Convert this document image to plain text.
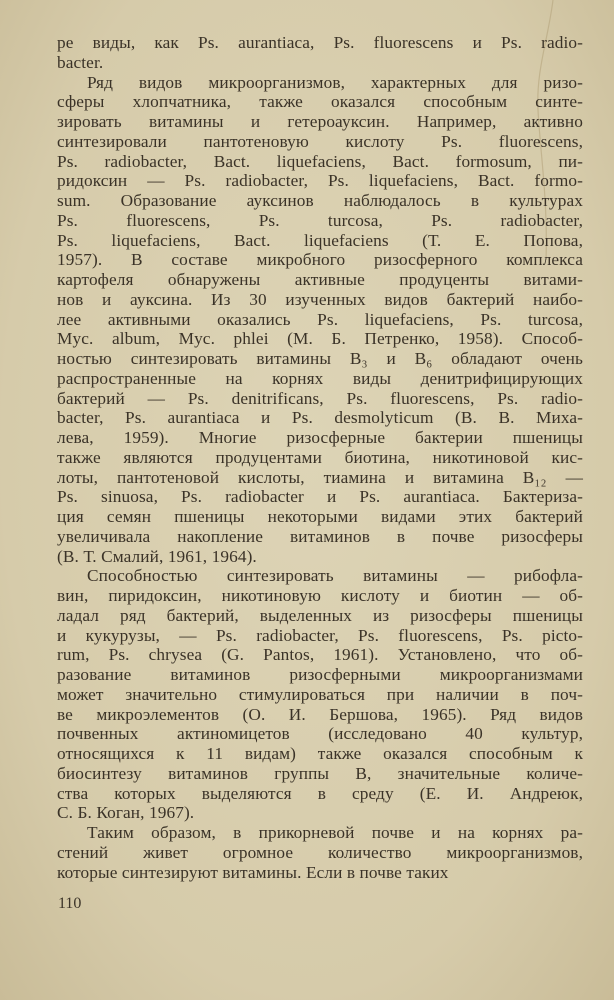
ре виды, как Ps. aurantiaca, Ps. fluorescens и Ps. radio-
bacter.
Ряд видов микроорганизмов, характерных для ризо-
сферы хлопчатника, также оказался способным синте-
зировать витамины и гетероауксин. Например, активно
синтезировали пантотеновую кислоту Ps. fluorescens,
Ps. radiobacter, Bact. liquefaciens, Bact. formosum, пи-
ридоксин — Ps. radiobacter, Ps. liquefaciens, Bact. formo-
sum. Образование ауксинов наблюдалось в культурах
Ps. fluorescens, Ps. turcosa, Ps. radiobacter,
Ps. liquefaciens, Bact. liquefaciens (Т. Е. Попова,
1957). В составе микробного ризосферного комплекса
картофеля обнаружены активные продуценты витами-
нов и ауксина. Из 30 изученных видов бактерий наибо-
лее активными оказались Ps. liquefaciens, Ps. turcosa,
Myc. album, Myc. phlei (М. Б. Петренко, 1958). Способ-
ностью синтезировать витамины B₃ и B₆ обладают очень
распространенные на корнях виды денитрифицирующих
бактерий — Ps. denitrificans, Ps. fluorescens, Ps. radio-
bacter, Ps. aurantiaca и Ps. desmolyticum (В. В. Миха-
лева, 1959). Многие ризосферные бактерии пшеницы
также являются продуцентами биотина, никотиновой кис-
лоты, пантотеновой кислоты, тиамина и витамина B₁₂ —
Ps. sinuosa, Ps. radiobacter и Ps. aurantiaca. Бактериза-
ция семян пшеницы некоторыми видами этих бактерий
увеличивала накопление витаминов в почве ризосферы
(В. Т. Смалий, 1961, 1964).
Способностью синтезировать витамины — рибофла-
вин, пиридоксин, никотиновую кислоту и биотин — об-
ладал ряд бактерий, выделенных из ризосферы пшеницы
и кукурузы, — Ps. radiobacter, Ps. fluorescens, Ps. picto-
rum, Ps. chrysea (G. Pantos, 1961). Установлено, что об-
разование витаминов ризосферными микроорганизмами
может значительно стимулироваться при наличии в поч-
ве микроэлементов (О. И. Бершова, 1965). Ряд видов
почвенных актиномицетов (исследовано 40 культур,
относящихся к 11 видам) также оказался способным к
биосинтезу витаминов группы B, значительные количе-
ства которых выделяются в среду (Е. И. Андреюк,
С. Б. Коган, 1967).
Таким образом, в прикорневой почве и на корнях ра-
стений живет огромное количество микроорганизмов,
которые синтезируют витамины. Если в почве таких
110
